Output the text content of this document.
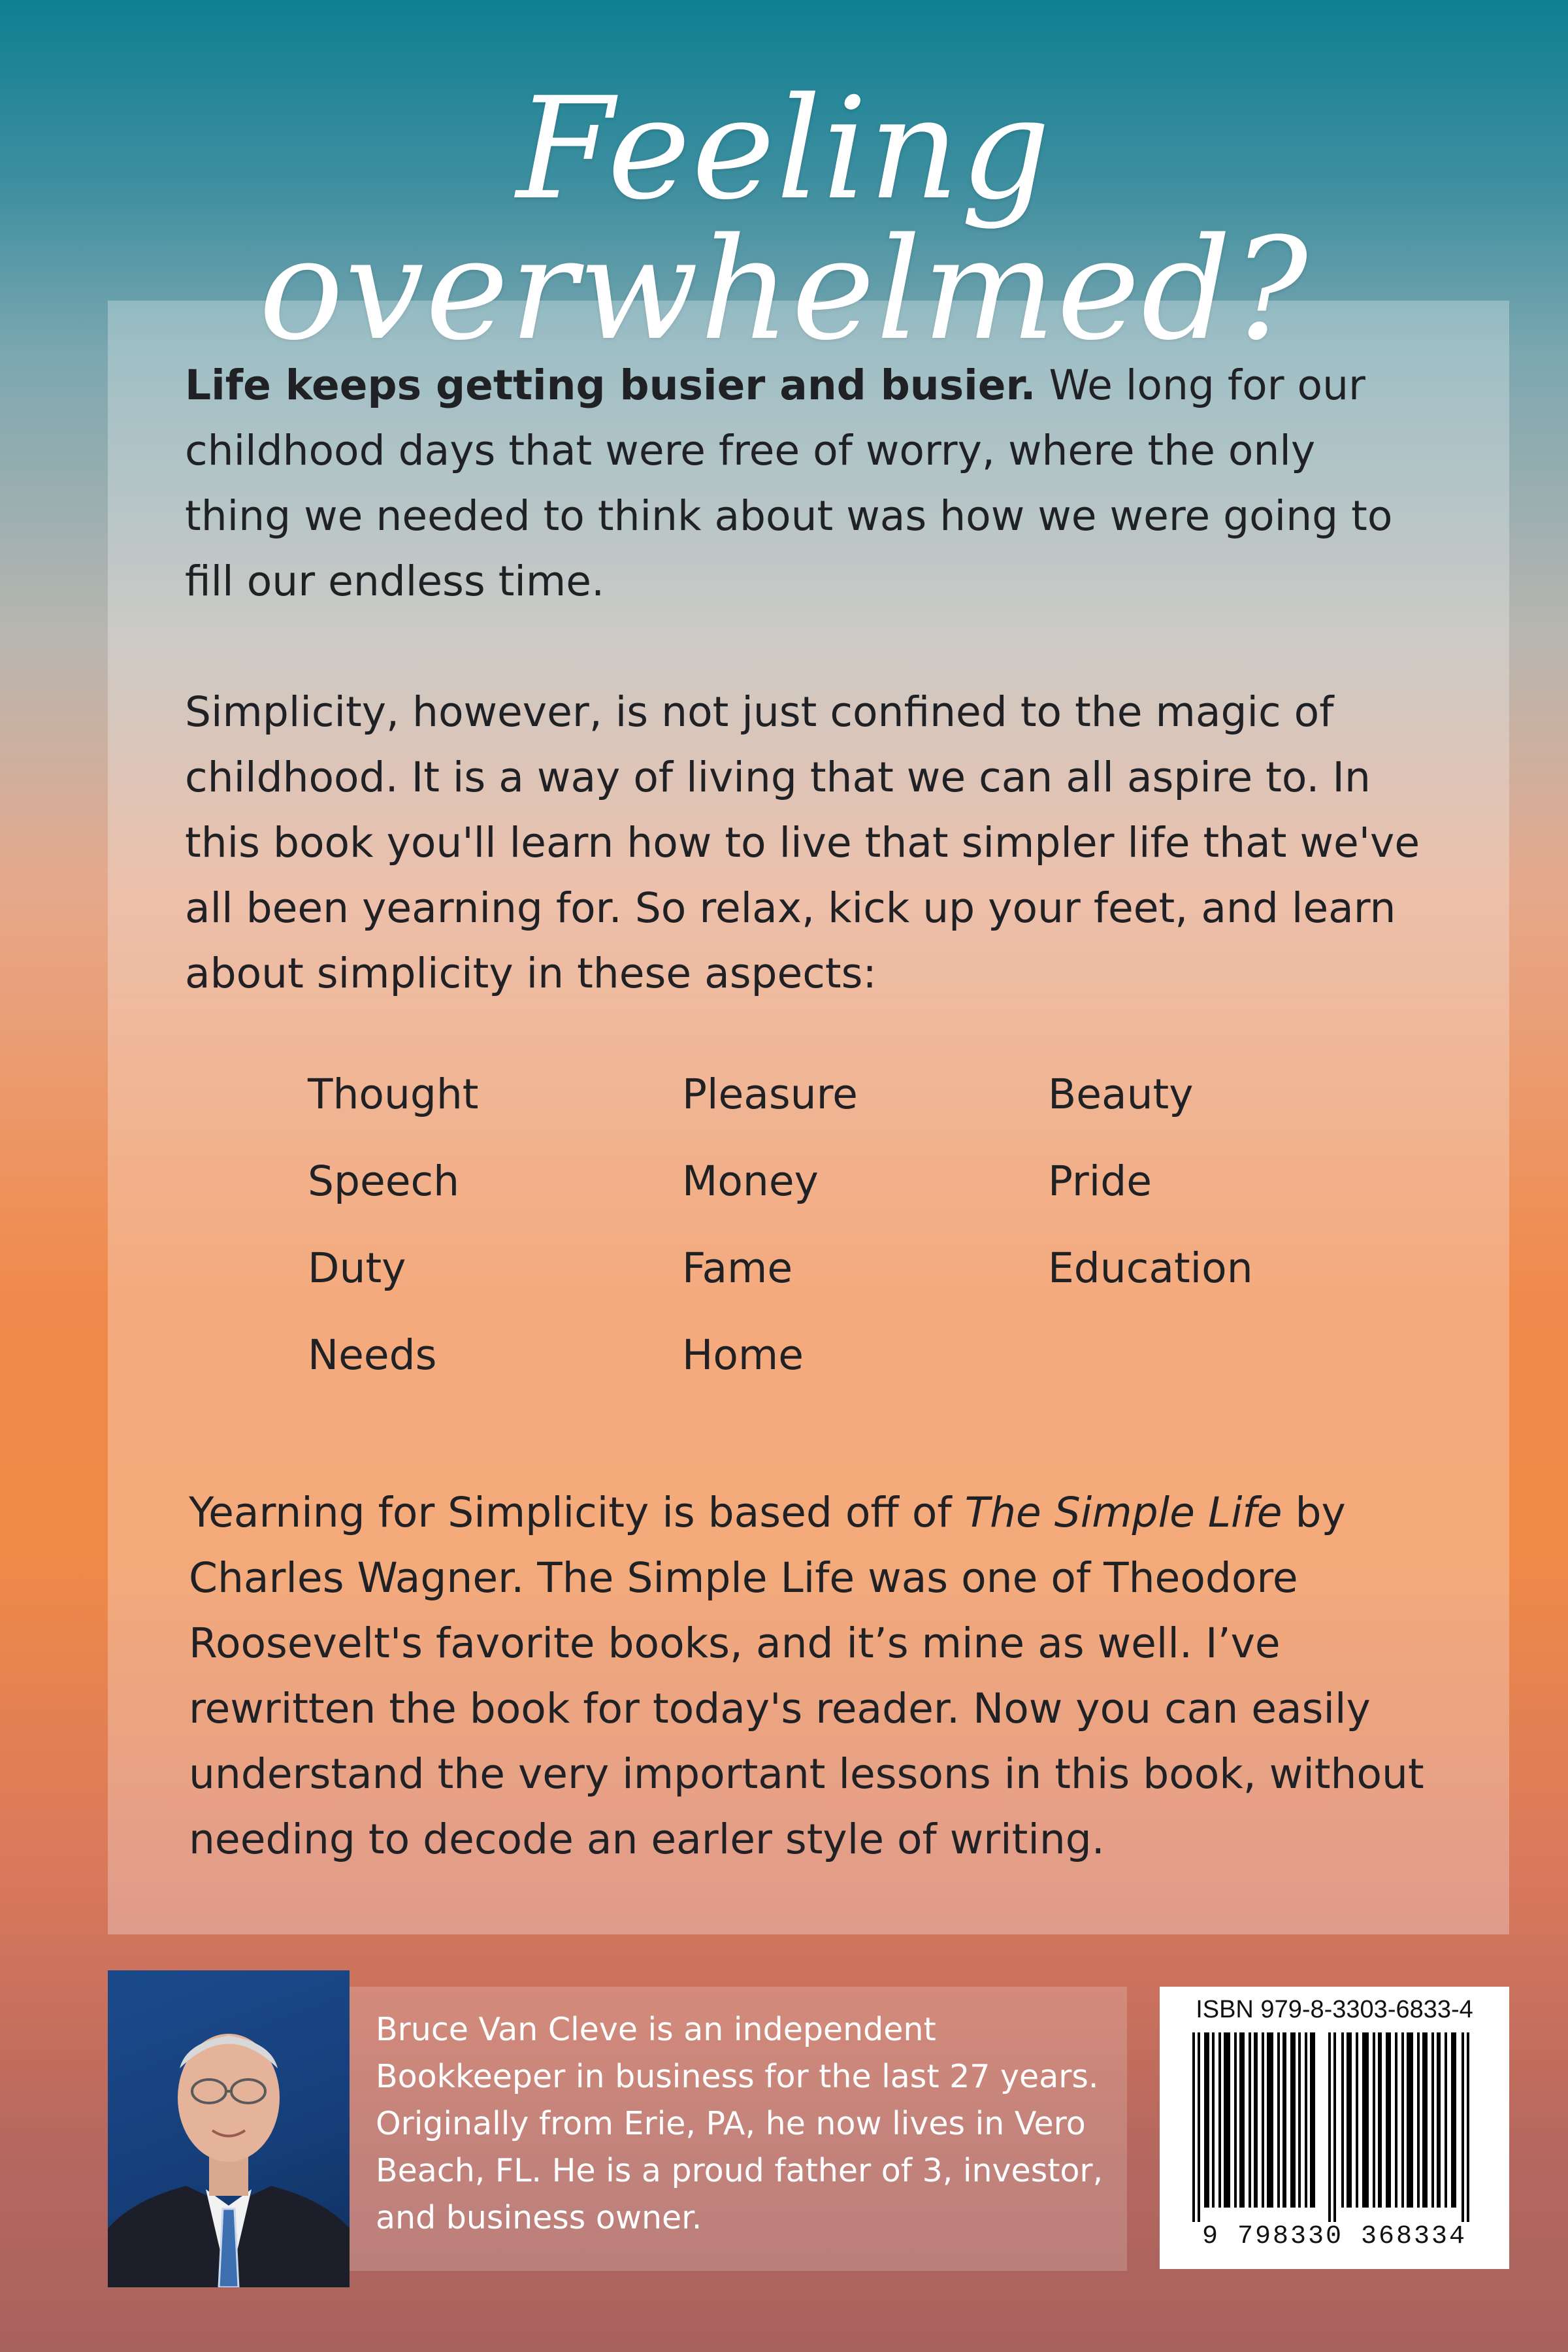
Feeling overwhelmed?

Life keeps getting busier and busier. We long for our childhood days that were free of worry, where the only thing we needed to think about was how we were going to fill our endless time.

Simplicity, however, is not just confined to the magic of childhood. It is a way of living that we can all aspire to. In this book you'll learn how to live that simpler life that we've all been yearning for. So relax, kick up your feet, and learn about simplicity in these aspects:

Thought
Speech
Duty
Needs
Pleasure
Money
Fame
Home
Beauty
Pride
Education

Yearning for Simplicity is based off of The Simple Life by Charles Wagner. The Simple Life was one of Theodore Roosevelt's favorite books, and it’s mine as well. I’ve rewritten the book for today's reader. Now you can easily understand the very important lessons in this book, without needing to decode an earler style of writing.

Bruce Van Cleve is an independent Bookkeeper in business for the last 27 years. Originally from Erie, PA, he now lives in Vero Beach, FL. He is a proud father of 3, investor, and business owner.

ISBN 979-8-3303-6833-4
9 798330 368334
